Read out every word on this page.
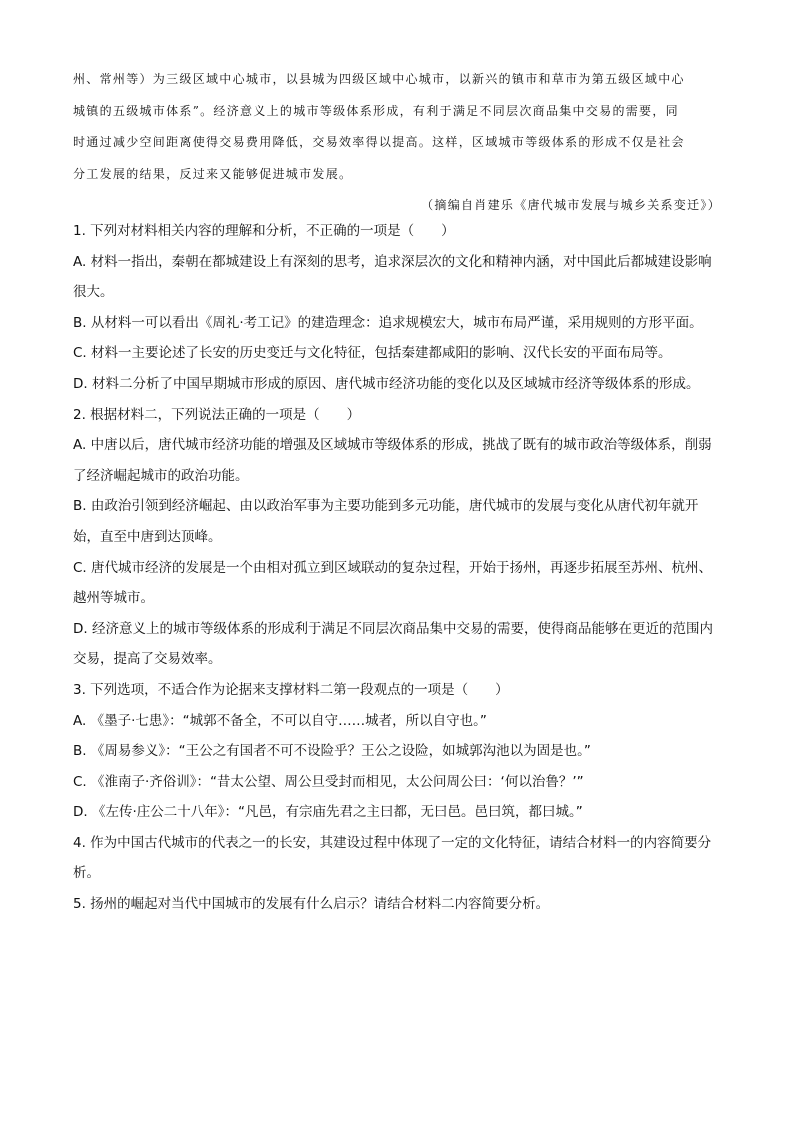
州、常州等）为三级区域中心城市，以县城为四级区域中心城市，以新兴的镇市和草市为第五级区域中心

城镇的五级城市体系”。经济意义上的城市等级体系形成，有利于满足不同层次商品集中交易的需要，同

时通过减少空间距离使得交易费用降低，交易效率得以提高。这样，区域城市等级体系的形成不仅是社会

分工发展的结果，反过来又能够促进城市发展。

（摘编自肖建乐《唐代城市发展与城乡关系变迁》）

1. 下列对材料相关内容的理解和分析，不正确的一项是（　　）

A. 材料一指出，秦朝在都城建设上有深刻的思考，追求深层次的文化和精神内涵，对中国此后都城建设影响很大。

B. 从材料一可以看出《周礼·考工记》的建造理念：追求规模宏大，城市布局严谨，采用规则的方形平面。

C. 材料一主要论述了长安的历史变迁与文化特征，包括秦建都咸阳的影响、汉代长安的平面布局等。

D. 材料二分析了中国早期城市形成的原因、唐代城市经济功能的变化以及区域城市经济等级体系的形成。

2. 根据材料二，下列说法正确的一项是（　　）

A. 中唐以后，唐代城市经济功能的增强及区域城市等级体系的形成，挑战了既有的城市政治等级体系，削弱了经济崛起城市的政治功能。

B. 由政治引领到经济崛起、由以政治军事为主要功能到多元功能，唐代城市的发展与变化从唐代初年就开始，直至中唐到达顶峰。

C. 唐代城市经济的发展是一个由相对孤立到区域联动的复杂过程，开始于扬州，再逐步拓展至苏州、杭州、越州等城市。

D. 经济意义上的城市等级体系的形成利于满足不同层次商品集中交易的需要，使得商品能够在更近的范围内交易，提高了交易效率。

3. 下列选项，不适合作为论据来支撑材料二第一段观点的一项是（　　）

A. 《墨子·七患》：“城郭不备全，不可以自守……城者，所以自守也。”

B. 《周易参义》：“王公之有国者不可不设险乎？王公之设险，如城郭沟池以为固是也。”

C. 《淮南子·齐俗训》：“昔太公望、周公旦受封而相见，太公问周公曰：‘何以治鲁？’”

D. 《左传·庄公二十八年》：“凡邑，有宗庙先君之主曰都，无曰邑。邑曰筑，都曰城。”

4. 作为中国古代城市的代表之一的长安，其建设过程中体现了一定的文化特征，请结合材料一的内容简要分析。

5. 扬州的崛起对当代中国城市的发展有什么启示？请结合材料二内容简要分析。
